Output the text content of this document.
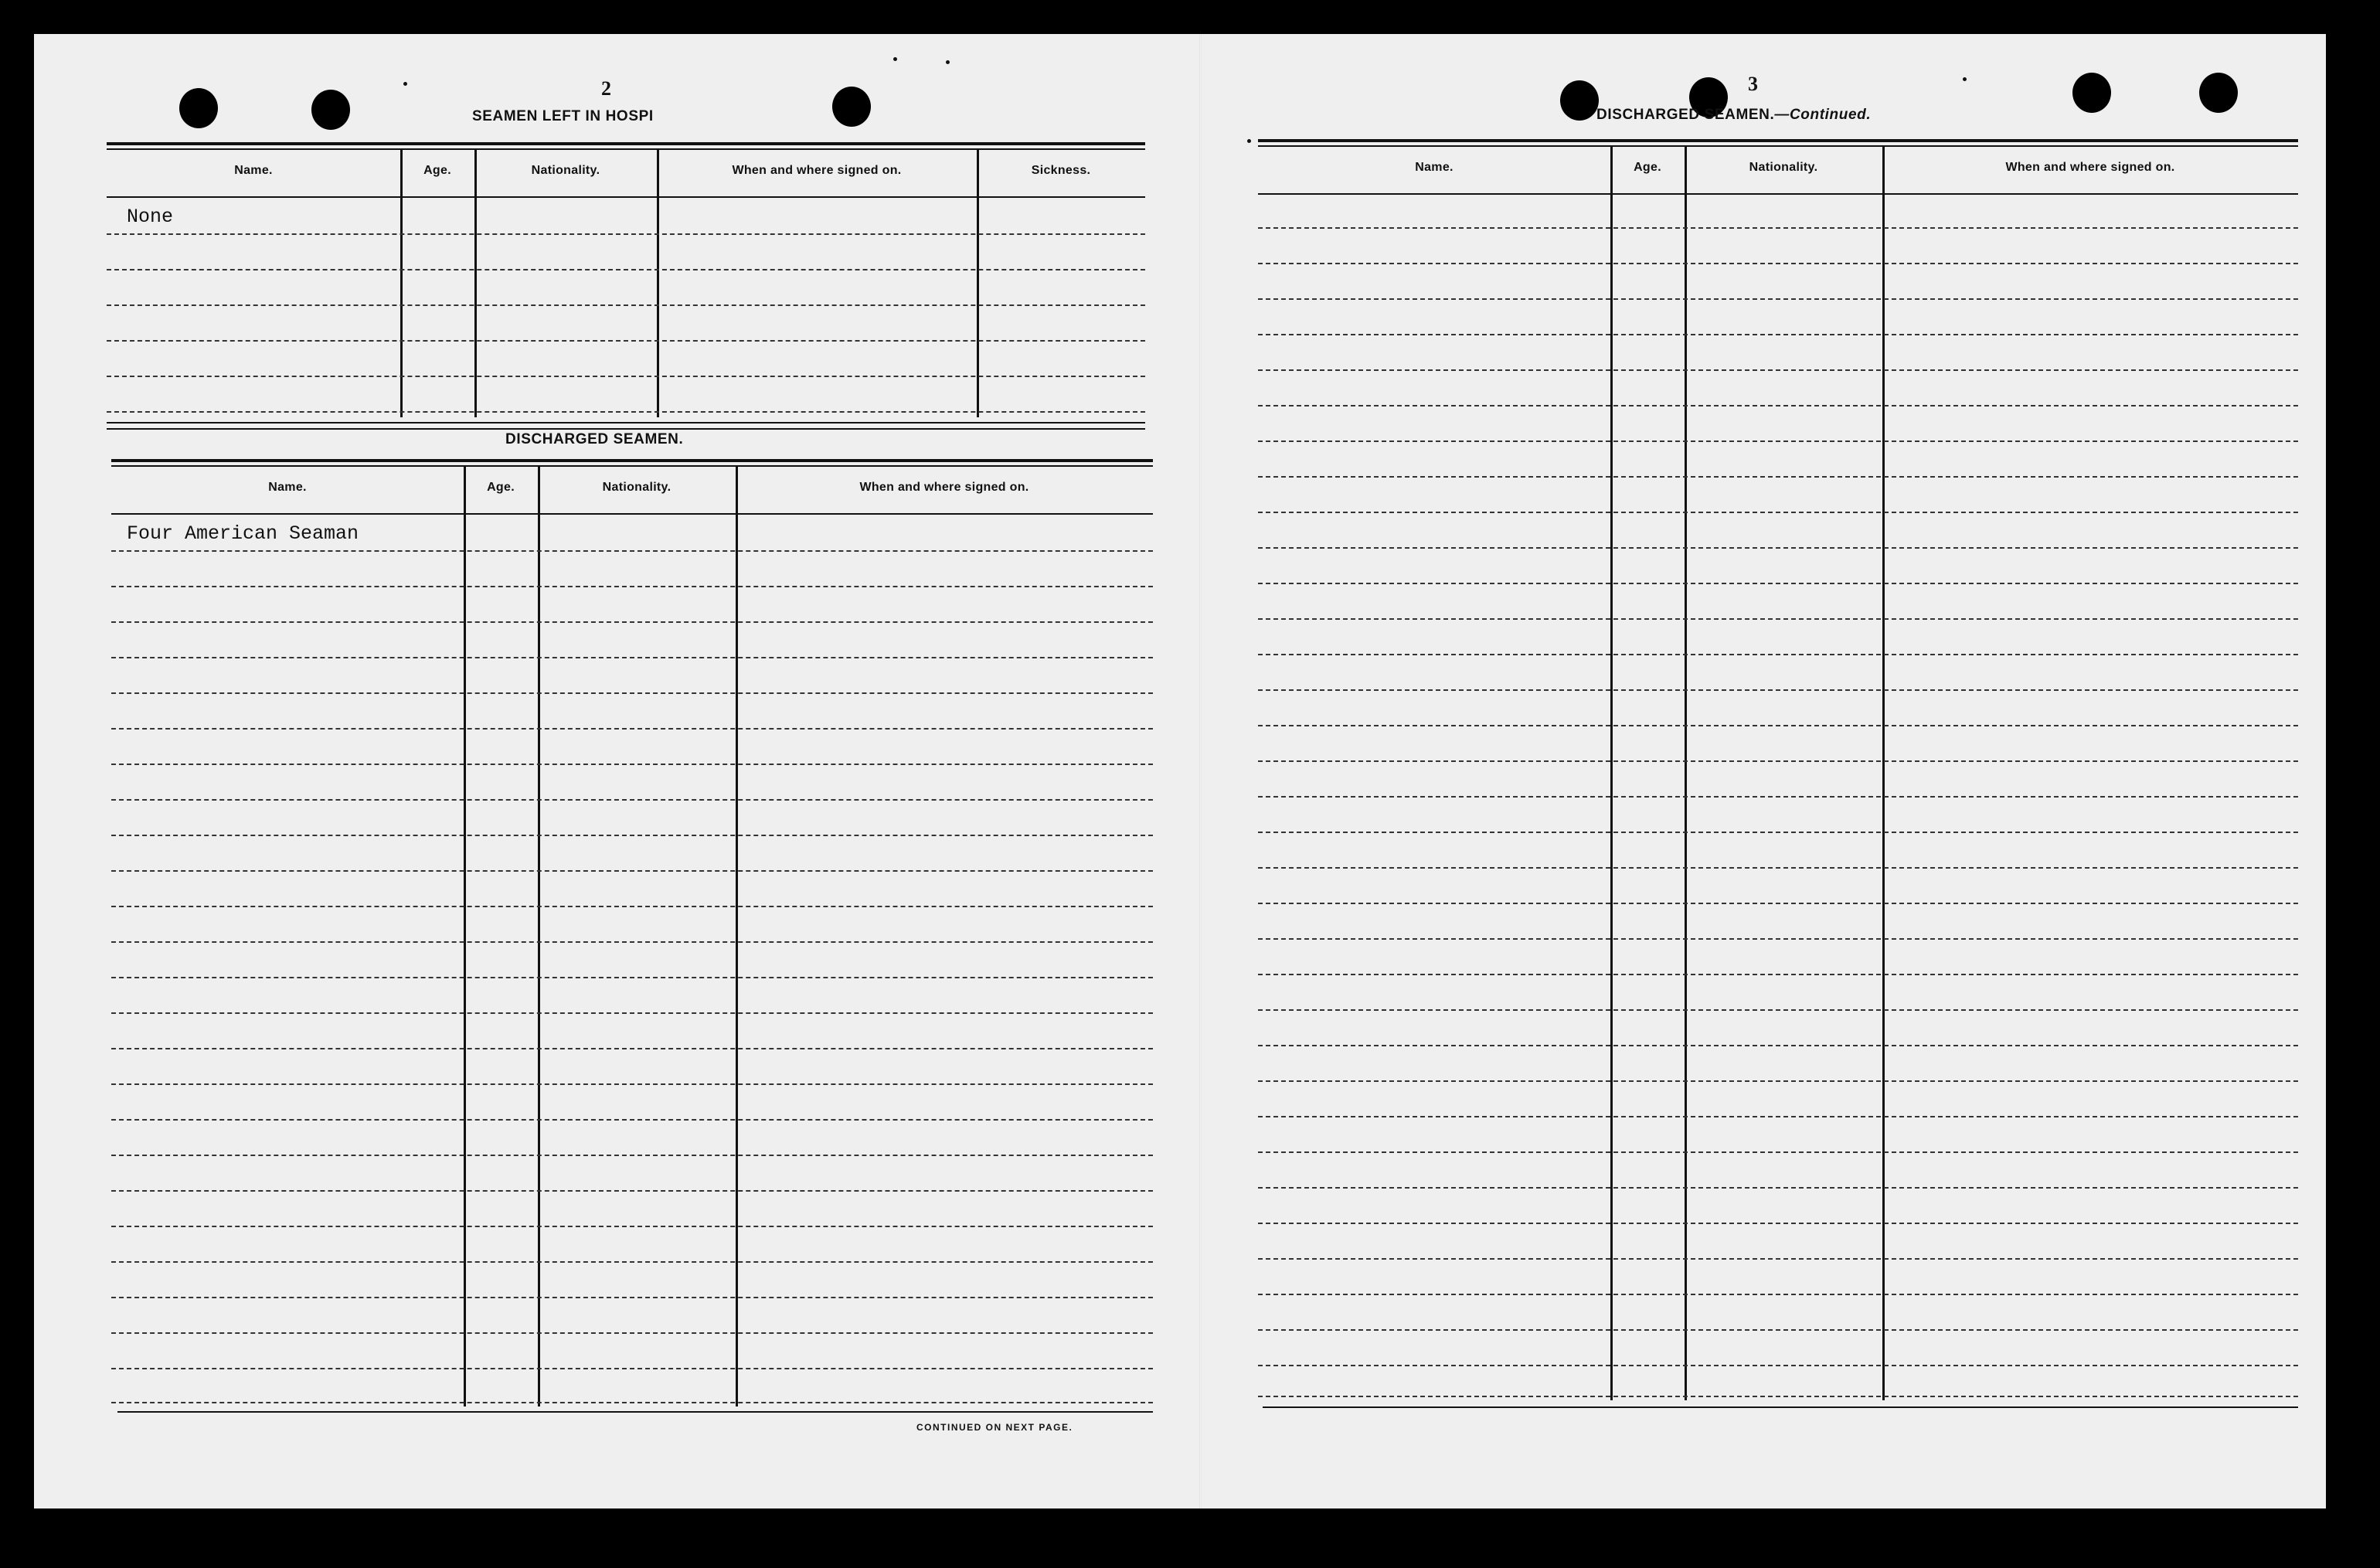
2
SEAMEN LEFT IN HOSPI
Name.	Age.	Nationality.	When and where signed on.	Sickness.
None
DISCHARGED SEAMEN.
Name.	Age.	Nationality.	When and where signed on.
Four American Seaman
CONTINUED ON NEXT PAGE.
3
DISCHARGED SEAMEN.—Continued.
Name.	Age.	Nationality.	When and where signed on.
